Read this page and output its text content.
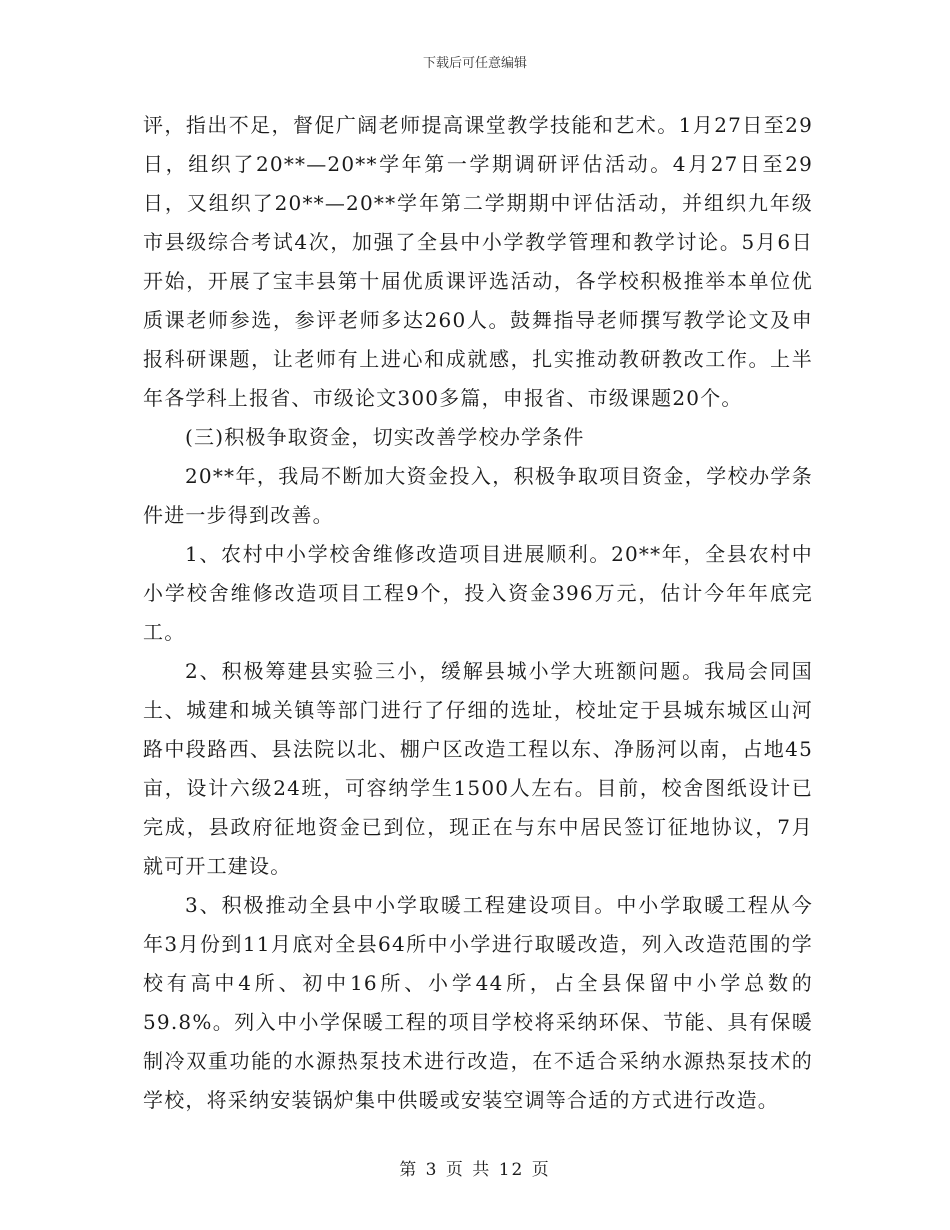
下载后可任意编辑

评，指出不足，督促广阔老师提高课堂教学技能和艺术。1月27日至29日，组织了20**—20**学年第一学期调研评估活动。4月27日至29日，又组织了20**—20**学年第二学期期中评估活动，并组织九年级市县级综合考试4次，加强了全县中小学教学管理和教学讨论。5月6日开始，开展了宝丰县第十届优质课评选活动，各学校积极推举本单位优质课老师参选，参评老师多达260人。鼓舞指导老师撰写教学论文及申报科研课题，让老师有上进心和成就感，扎实推动教研教改工作。上半年各学科上报省、市级论文300多篇，申报省、市级课题20个。

(三)积极争取资金，切实改善学校办学条件

20**年，我局不断加大资金投入，积极争取项目资金，学校办学条件进一步得到改善。

1、农村中小学校舍维修改造项目进展顺利。20**年，全县农村中小学校舍维修改造项目工程9个，投入资金396万元，估计今年年底完工。

2、积极筹建县实验三小，缓解县城小学大班额问题。我局会同国土、城建和城关镇等部门进行了仔细的选址，校址定于县城东城区山河路中段路西、县法院以北、棚户区改造工程以东、净肠河以南，占地45亩，设计六级24班，可容纳学生1500人左右。目前，校舍图纸设计已完成，县政府征地资金已到位，现正在与东中居民签订征地协议，7月就可开工建设。

3、积极推动全县中小学取暖工程建设项目。中小学取暖工程从今年3月份到11月底对全县64所中小学进行取暖改造，列入改造范围的学校有高中4所、初中16所、小学44所，占全县保留中小学总数的59.8%。列入中小学保暖工程的项目学校将采纳环保、节能、具有保暖制冷双重功能的水源热泵技术进行改造，在不适合采纳水源热泵技术的学校，将采纳安装锅炉集中供暖或安装空调等合适的方式进行改造。

第 3 页 共 12 页
